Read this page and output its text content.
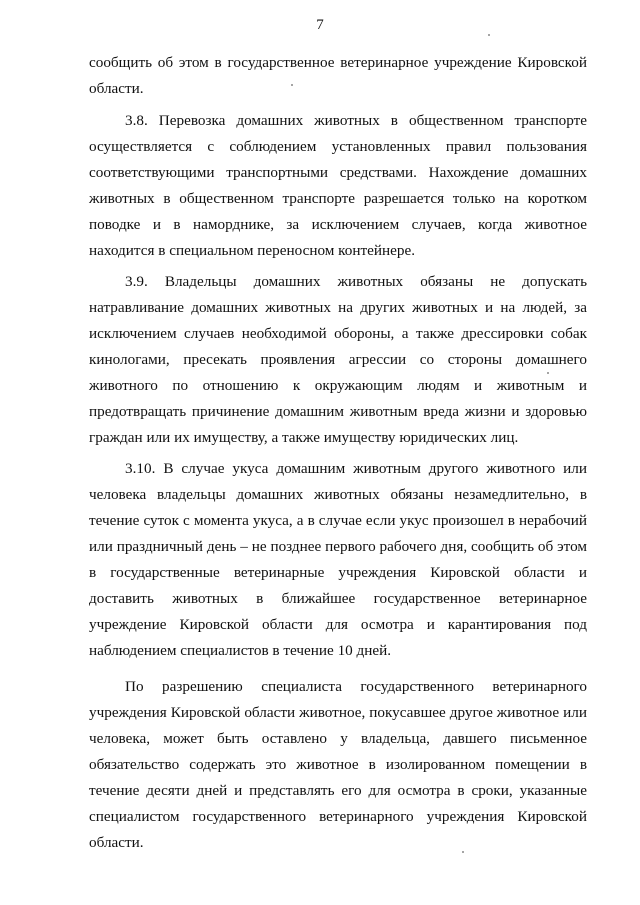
7

сообщить об этом в государственное ветеринарное учреждение Кировской области.

3.8. Перевозка домашних животных в общественном транспорте осуществляется с соблюдением установленных правил пользования соответствующими транспортными средствами. Нахождение домашних животных в общественном транспорте разрешается только на коротком поводке и в наморднике, за исключением случаев, когда животное находится в специальном переносном контейнере.

3.9. Владельцы домашних животных обязаны не допускать натравливание домашних животных на других животных и на людей, за исключением случаев необходимой обороны, а также дрессировки собак кинологами, пресекать проявления агрессии со стороны домашнего животного по отношению к окружающим людям и животным и предотвращать причинение домашним животным вреда жизни и здоровью граждан или их имуществу, а также имуществу юридических лиц.

3.10. В случае укуса домашним животным другого животного или человека владельцы домашних животных обязаны незамедлительно, в течение суток с момента укуса, а в случае если укус произошел в нерабочий или праздничный день – не позднее первого рабочего дня, сообщить об этом в государственные ветеринарные учреждения Кировской области и доставить животных в ближайшее государственное ветеринарное учреждение Кировской области для осмотра и карантирования под наблюдением специалистов в течение 10 дней.

По разрешению специалиста государственного ветеринарного учреждения Кировской области животное, покусавшее другое животное или человека, может быть оставлено у владельца, давшего письменное обязательство содержать это животное в изолированном помещении в течение десяти дней и представлять его для осмотра в сроки, указанные специалистом государственного ветеринарного учреждения Кировской области.
